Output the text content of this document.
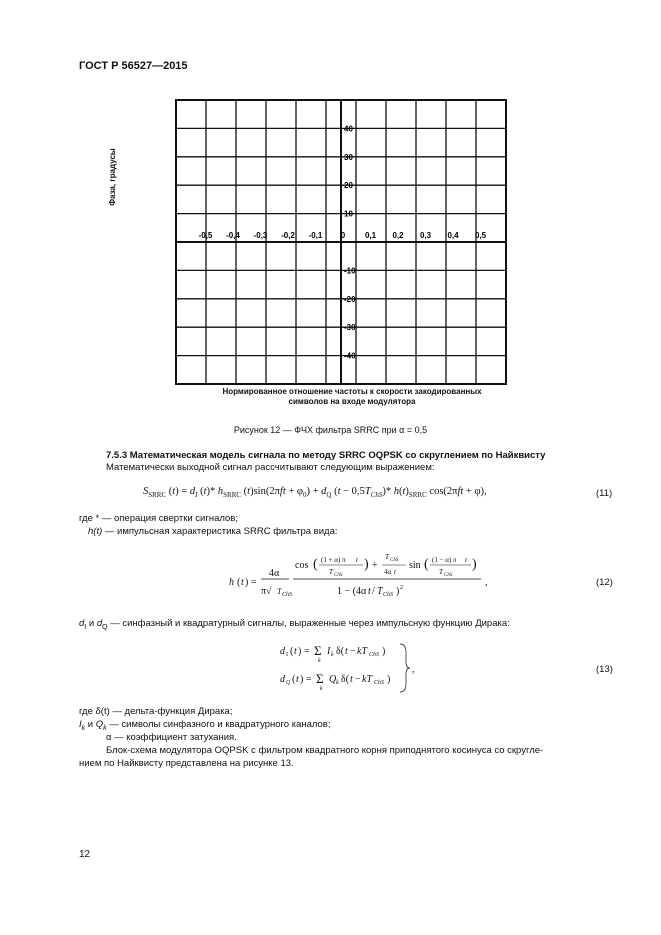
ГОСТ Р 56527—2015
-0,5 -0,4 -0,3 -0,2 -0,1 0 0,1 0,2 0,3 0,4 0,5
40
30
20
10
-10
-20
-30
-40
Фаза, градусы
Нормированное отношение частоты к скорости закодированных
символов на входе модулятора
Рисунок 12 — ФЧХ фильтра SRRC при α = 0,5
7.5.3 Математическая модель сигнала по методу SRRC OQPSK со скруглением по Найквисту
Математически выходной сигнал рассчитывают следующим выражением:
$S_{SRRC}$ $(t) = d_I$ (t)* $h_{SRRC}$ $(t)\sin(2\pi ft + \varphi_0) + d_Q$ $(t - 0,5T_{ChS})*$ $h(t)_{SRRC}$ cos(2πft + φ),	(11)
где * — операция свертки сигналов;
h(t) — импульсная характеристика SRRC фильтра вида:
h ( t ) =
4α
π√ T ChS
cos ( (1 + α) π t
T ChS
) +
T ChS
4α t
sin ( (1 − α) π t
T ChS
)
1 − (4α t / T ChS ) 2	,	(12)
$d_I$ и $d_Q$ — синфазный и квадратурный сигналы, выраженные через импульсную функцию Дирака:
d I ( t ) = Σ
k
I k δ( t − kT ChS )
d Q ( t ) = Σ
k
Q k δ( t − kT ChS )
,	(13)
где δ(t) — дельта-функция Дирака;
$I_k$ и $Q_k$ — символы синфазного и квадратурного каналов;
α — коэффициент затухания.
Блок-схема модулятора OQPSK с фильтром квадратного корня приподнятого косинуса со скругле-
нием по Найквисту представлена на рисунке 13.
12
